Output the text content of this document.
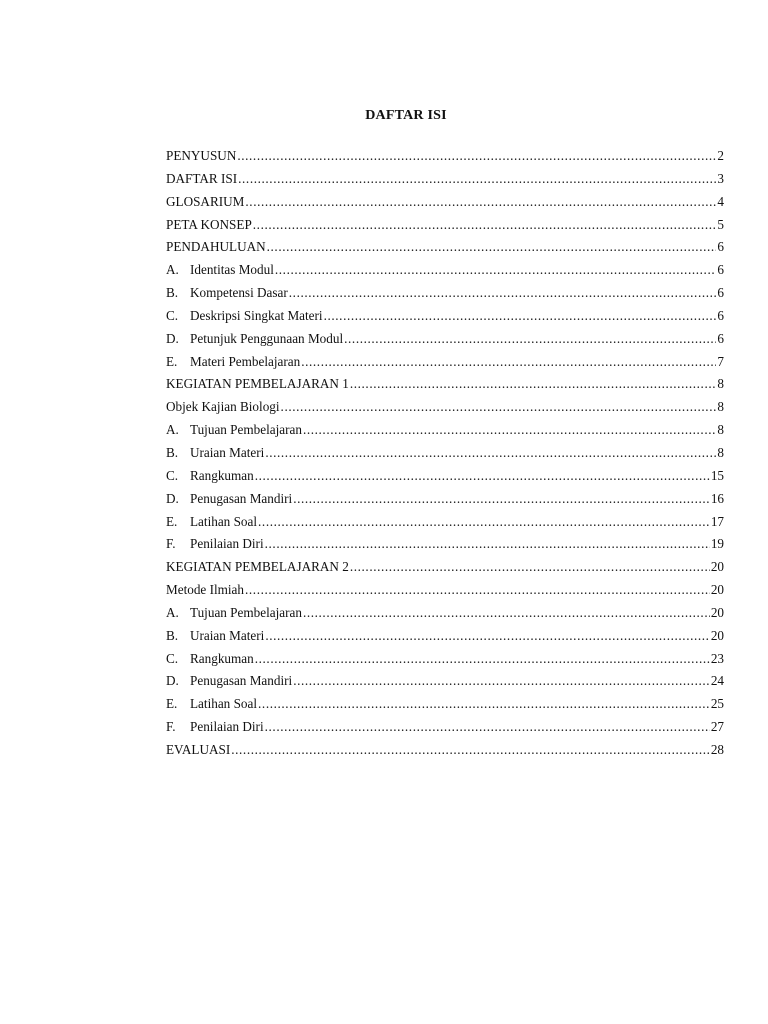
DAFTAR ISI
PENYUSUN .....	2
DAFTAR ISI .....	3
GLOSARIUM .....	4
PETA KONSEP .....	5
PENDAHULUAN .....	6
A. Identitas Modul .....	6
B. Kompetensi Dasar .....	6
C. Deskripsi Singkat Materi .....	6
D. Petunjuk Penggunaan Modul .....	6
E. Materi Pembelajaran .....	7
KEGIATAN PEMBELAJARAN 1 .....	8
Objek Kajian Biologi .....	8
A. Tujuan Pembelajaran .....	8
B. Uraian Materi .....	8
C. Rangkuman .....	15
D. Penugasan Mandiri .....	16
E. Latihan Soal .....	17
F.	Penilaian Diri .....	19
KEGIATAN PEMBELAJARAN 2 .....	20
Metode Ilmiah .....	20
A. Tujuan Pembelajaran .....	20
B. Uraian Materi .....	20
C. Rangkuman .....	23
D. Penugasan Mandiri .....	24
E. Latihan Soal .....	25
F.	Penilaian Diri .....	27
EVALUASI .....	28
